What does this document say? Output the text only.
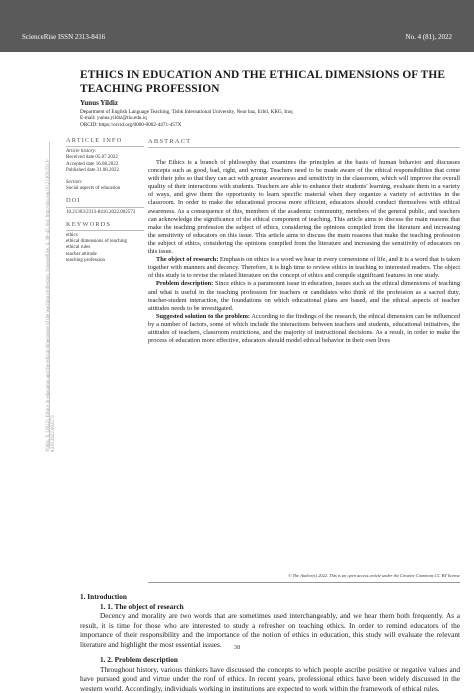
ScienceRise ISSN 2313-8416	No. 4 (81), 2022
ETHICS IN EDUCATION AND THE ETHICAL DIMENSIONS OF THE TEACHING PROFESSION
Yunus Yildiz
Department of English Language Teaching, Tishk International University, Near baz, Erbil, KRG, Iraq
E-mail: yunus.yildiz@tiu.edu.iq
ORCID: https://orcid.org/0000-0002-4471-457X
Yildiz, Y. (2022). Ethics in education and the ethical dimensions of the teaching profession. ScienceRise, 4, 38–45. doi: http://doi.org/10.21303/2313-8416.2022.002573
ARTICLE INFO
Article history:
Received date 05.07.2022
Accepted date 16.08.2022
Published date 31.08.2022
Section:
Social aspects of education
DOI
10.21303/2313-8416.2022.002573
KEYWORDS
ethics
ethical dimensions of teaching
ethical rules
teacher attitude
teaching profession
ABSTRACT

The Ethics is a branch of philosophy that examines the principles at the basis of human behavior and discusses concepts such as good, bad, right, and wrong. Teachers need to be made aware of the ethical responsibilities that come with their jobs so that they can act with greater awareness and sensitivity in the classroom, which will improve the overall quality of their interactions with students. Teachers are able to enhance their students' learning, evaluate them in a variety of ways, and give them the opportunity to learn specific material when they organize a variety of activities in the classroom. In order to make the educational process more efficient, educators should conduct themselves with ethical awareness. As a consequence of this, members of the academic community, members of the general public, and teachers can acknowledge the significance of the ethical component of teaching. This article aims to discuss the main reasons that make the teaching profession the subject of ethics, considering the opinions compiled from the literature and increasing the sensitivity of educators on this issue. This article aims to discuss the main reasons that make the teaching profession the subject of ethics, considering the opinions compiled from the literature and increasing the sensitivity of educators on this issue.

The object of research: Emphasis on ethics is a word we hear in every cornerstone of life, and it is a word that is taken together with manners and decency. Therefore, it is high time to review ethics in teaching to interested readers. The object of this study is to revise the related literature on the concept of ethics and compile significant features in one study.

Problem description: Since ethics is a paramount issue in education, issues such as the ethical dimensions of teaching and what is useful in the teaching profession for teachers or candidates who think of the profession as a sacred duty, teacher-student interaction, the foundations on which educational plans are based, and the ethical aspects of teacher attitudes needs to be investigated.

Suggested solution to the problem: According to the findings of the research, the ethical dimension can be influenced by a number of factors, some of which include the interactions between teachers and students, educational initiatives, the attitudes of teachers, classroom restrictions, and the majority of instructional decisions. As a result, in order to make the process of education more effective, educators should model ethical behavior in their own lives

© The Author(s) 2022. This is an open access article under the Creative Commons CC BY license
1. Introduction
1. 1. The object of research
Decency and morality are two words that are sometimes used interchangeably, and we hear them both frequently. As a result, it is time for those who are interested to study a refresher on teaching ethics. In order to remind educators of the importance of their responsibility and the importance of the notion of ethics in education, this study will evaluate the relevant literature and highlight the most essential issues.
1. 2. Problem description
Throughout history, various thinkers have discussed the concepts to which people ascribe positive or negative values and have pursued good and virtue under the roof of ethics. In recent years, professional ethics have been widely discussed in the western world. Accordingly, individuals working in institutions are expected to work within the framework of ethical rules.
38
